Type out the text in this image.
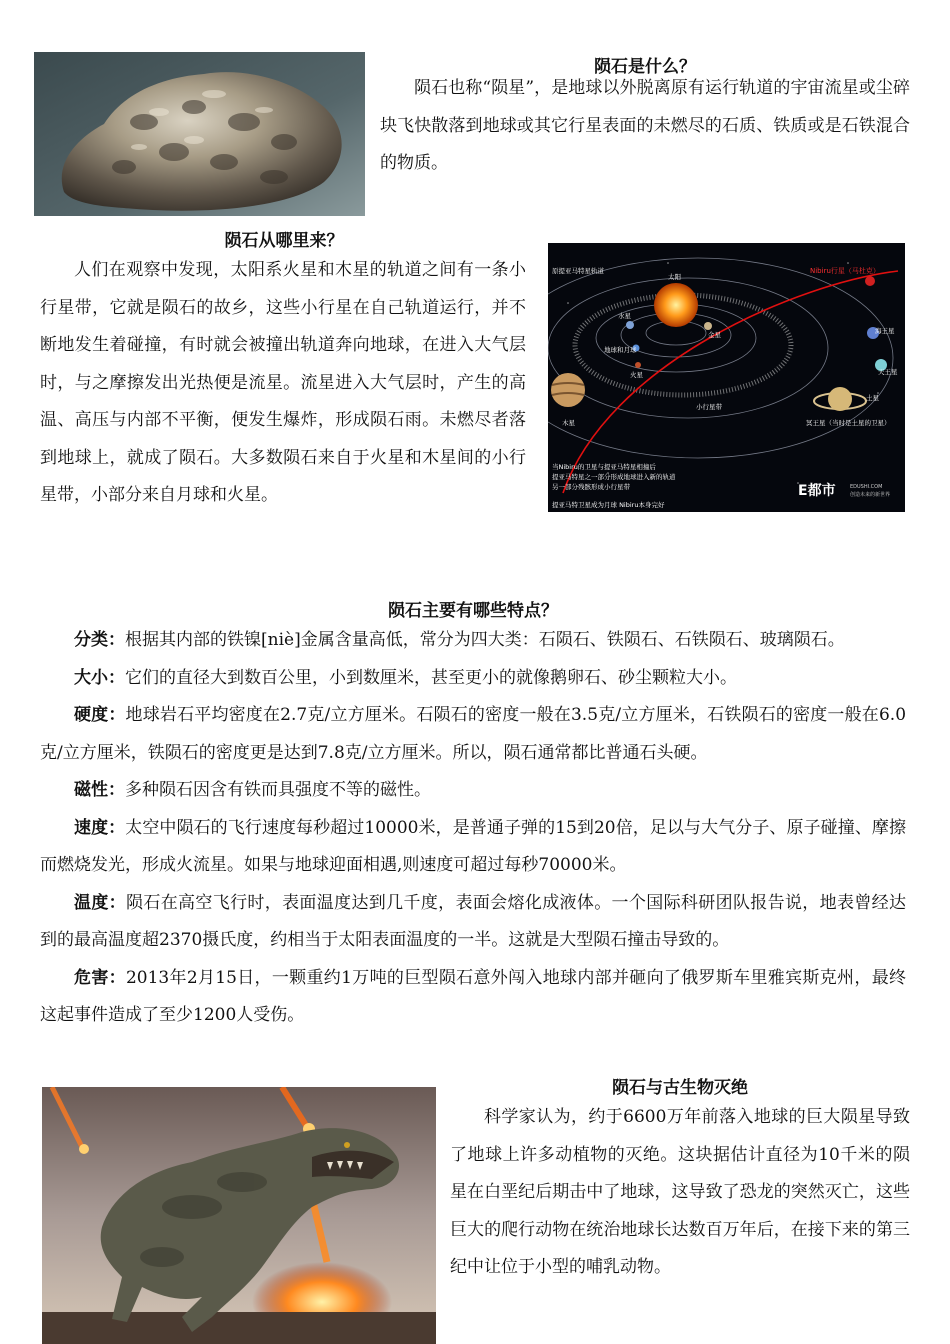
陨石是什么？
陨石也称“陨星”，是地球以外脱离原有运行轨道的宇宙流星或尘碎块飞快散落到地球或其它行星表面的未燃尽的石质、铁质或是石铁混合的物质。
陨石从哪里来？
人们在观察中发现，太阳系火星和木星的轨道之间有一条小行星带，它就是陨石的故乡，这些小行星在自己轨道运行，并不断地发生着碰撞，有时就会被撞出轨道奔向地球，在进入大气层时，与之摩擦发出光热便是流星。流星进入大气层时，产生的高温、高压与内部不平衡，便发生爆炸，形成陨石雨。未燃尽者落到地球上，就成了陨石。大多数陨石来自于火星和木星间的小行星带，小部分来自月球和火星。
原提亚马特星轨道
太阳
水星
金星
地球和月球
火星
海王星
天王星
小行星带
土星
木星	冥王星（当时是土星的卫星）
当Nibiru的卫星与提亚马特星相撞后
提亚马特星之一部分形成地球进入新的轨道
另一部分残骸形成小行星带
提亚马特卫星成为月球 Nibiru本身完好
Nibiru行星（马杜克）
E都市	EDUSHI.COM
创造未来的新世界
陨石主要有哪些特点？
分类：根据其内部的铁镍[niè]金属含量高低，常分为四大类：石陨石、铁陨石、石铁陨石、玻璃陨石。
大小：它们的直径大到数百公里，小到数厘米，甚至更小的就像鹅卵石、砂尘颗粒大小。
硬度：地球岩石平均密度在2.7克/立方厘米。石陨石的密度一般在3.5克/立方厘米，石铁陨石的密度一般在6.0克/立方厘米，铁陨石的密度更是达到7.8克/立方厘米。所以，陨石通常都比普通石头硬。
磁性：多种陨石因含有铁而具强度不等的磁性。
速度：太空中陨石的飞行速度每秒超过10000米，是普通子弹的15到20倍，足以与大气分子、原子碰撞、摩擦而燃烧发光，形成火流星。如果与地球迎面相遇,则速度可超过每秒70000米。
温度：陨石在高空飞行时，表面温度达到几千度，表面会熔化成液体。一个国际科研团队报告说，地表曾经达到的最高温度超2370摄氏度，约相当于太阳表面温度的一半。这就是大型陨石撞击导致的。
危害：2013年2月15日，一颗重约1万吨的巨型陨石意外闯入地球内部并砸向了俄罗斯车里雅宾斯克州，最终这起事件造成了至少1200人受伤。
陨石与古生物灭绝
科学家认为，约于6600万年前落入地球的巨大陨星导致了地球上许多动植物的灭绝。这块据估计直径为10千米的陨星在白垩纪后期击中了地球，这导致了恐龙的突然灭亡，这些巨大的爬行动物在统治地球长达数百万年后，在接下来的第三纪中让位于小型的哺乳动物。
